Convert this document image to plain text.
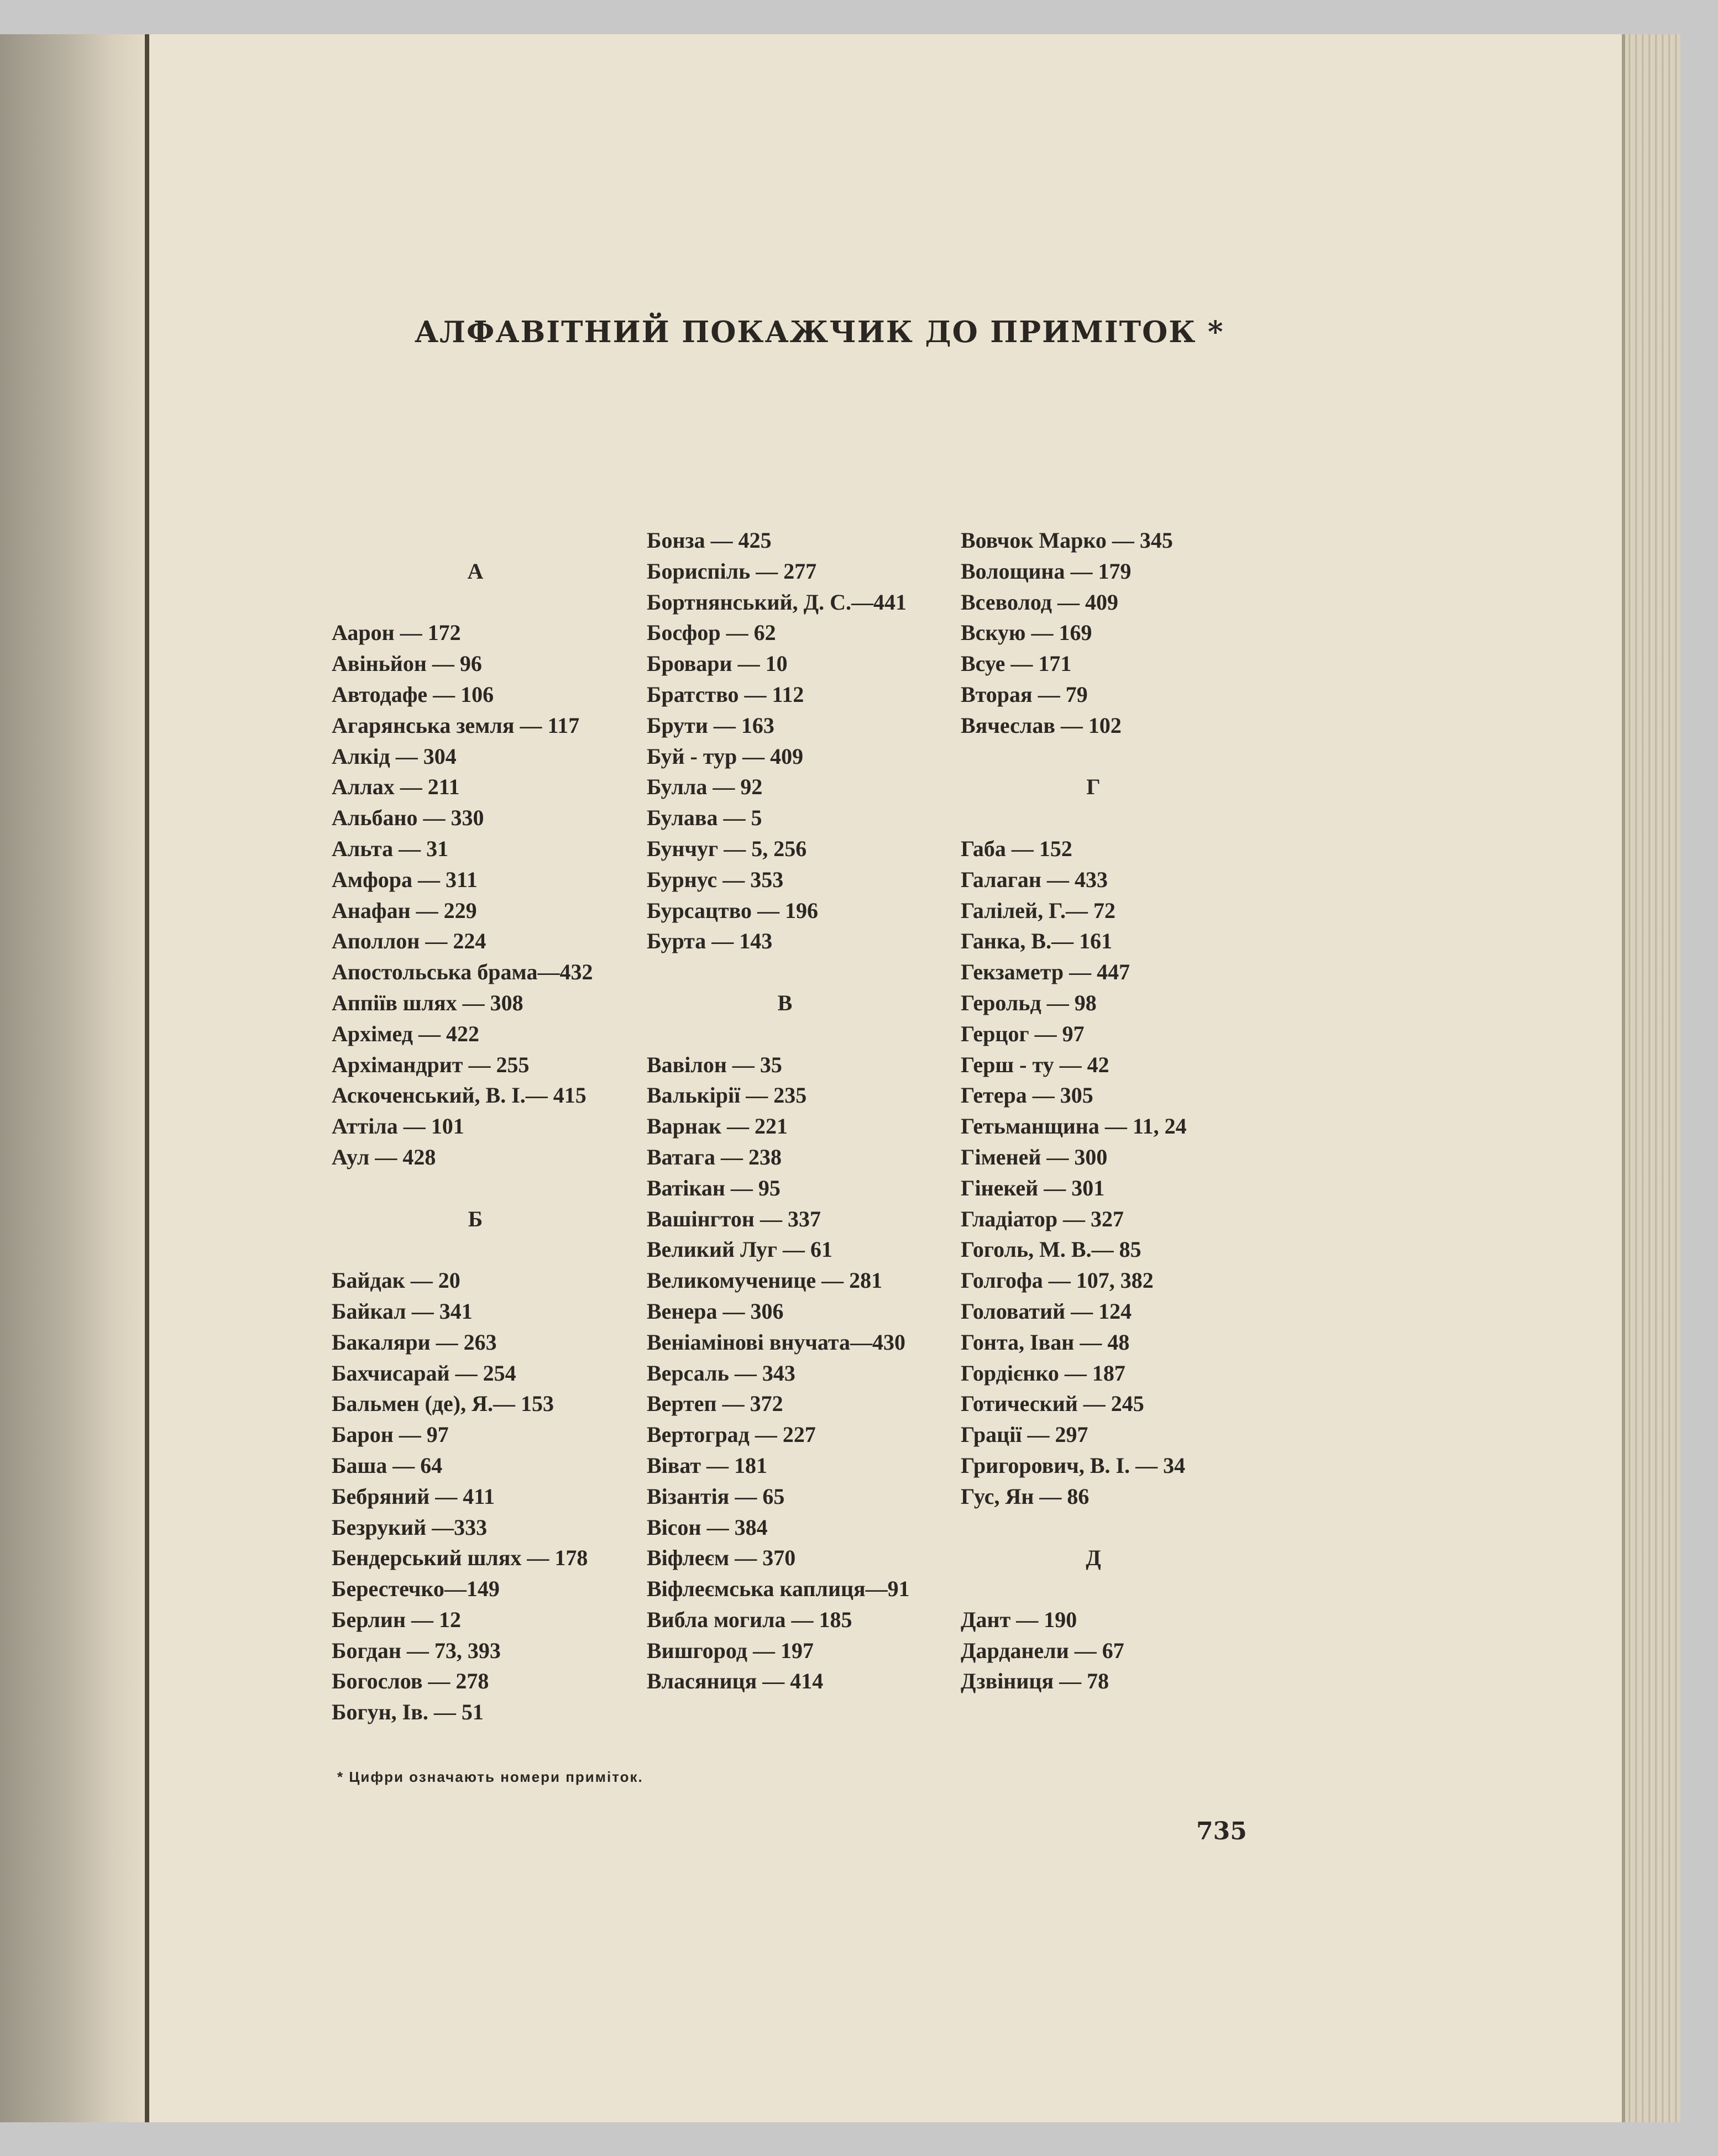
АЛФАВІТНИЙ ПОКАЖЧИК ДО ПРИМІТОК *
А
Аарон — 172
Авіньйон — 96
Автодафе — 106
Агарянська земля — 117
Алкід — 304
Аллах — 211
Альбано — 330
Альта — 31
Амфора — 311
Анафан — 229
Аполлон — 224
Апостольська брама—432
Аппіїв шлях — 308
Архімед — 422
Архімандрит — 255
Аскоченський, В. І.— 415
Аттіла — 101
Аул — 428
Б
Байдак — 20
Байкал — 341
Бакаляри — 263
Бахчисарай — 254
Бальмен (де), Я.— 153
Барон — 97
Баша — 64
Бебряний — 411
Безрукий —333
Бендерський шлях — 178
Берестечко—149
Берлин — 12
Богдан — 73, 393
Богослов — 278
Богун, Ів. — 51
Бонза — 425
Бориспіль — 277
Бортнянський, Д. С.—441
Босфор — 62
Бровари — 10
Братство — 112
Брути — 163
Буй - тур — 409
Булла — 92
Булава — 5
Бунчуг — 5, 256
Бурнус — 353
Бурсацтво — 196
Бурта — 143
В
Вавілон — 35
Валькірії — 235
Варнак — 221
Ватага — 238
Ватікан — 95
Вашінгтон — 337
Великий Луг — 61
Великомученице — 281
Венера — 306
Веніамінові внучата—430
Версаль — 343
Вертеп — 372
Вертоград — 227
Віват — 181
Візантія — 65
Вісон — 384
Віфлеєм — 370
Віфлеємська каплиця—91
Вибла могила — 185
Вишгород — 197
Власяниця — 414
Вовчок Марко — 345
Волощина — 179
Всеволод — 409
Вскую — 169
Всуе — 171
Вторая — 79
Вячеслав — 102
Г
Габа — 152
Галаган — 433
Галілей, Г.— 72
Ганка, В.— 161
Гекзаметр — 447
Герольд — 98
Герцог — 97
Герш - ту — 42
Гетера — 305
Гетьманщина — 11, 24
Гіменей — 300
Гінекей — 301
Гладіатор — 327
Гоголь, М. В.— 85
Голгофа — 107, 382
Головатий — 124
Гонта, Іван — 48
Гордієнко — 187
Готический — 245
Грації — 297
Григорович, В. І. — 34
Гус, Ян — 86
Д
Дант — 190
Дарданели — 67
Дзвіниця — 78
* Цифри означають номери приміток.
735
